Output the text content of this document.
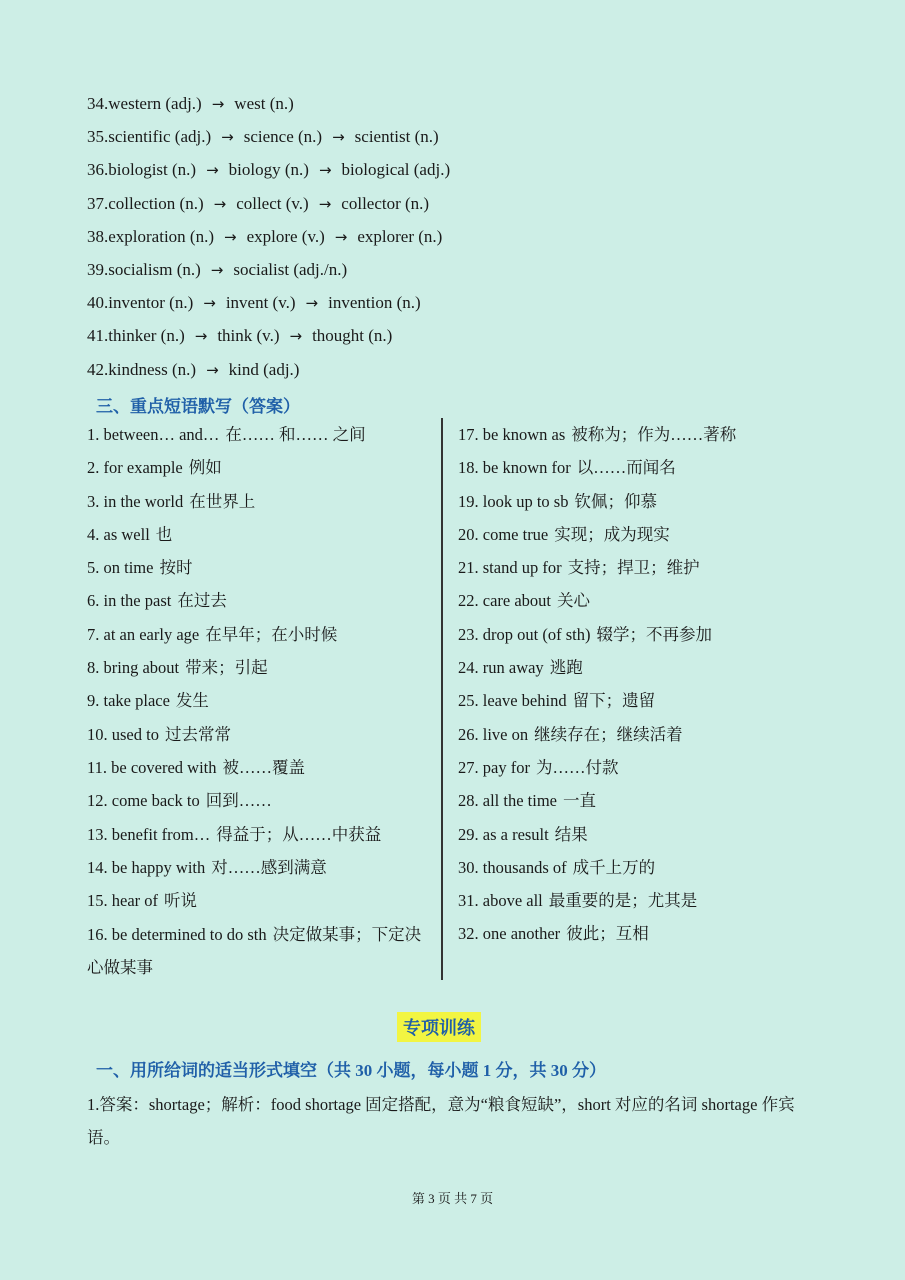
34.western (adj.) → west (n.)
35.scientific (adj.) → science (n.) → scientist (n.)
36.biologist (n.) → biology (n.) → biological (adj.)
37.collection (n.) → collect (v.) → collector (n.)
38.exploration (n.) → explore (v.) → explorer (n.)
39.socialism (n.) → socialist (adj./n.)
40.inventor (n.) → invent (v.) → invention (n.)
41.thinker (n.) → think (v.) → thought (n.)
42.kindness (n.) → kind (adj.)
三、重点短语默写（答案）
1. between… and… 在…… 和…… 之间
2. for example 例如
3. in the world 在世界上
4. as well 也
5. on time 按时
6. in the past 在过去
7. at an early age 在早年；在小时候
8. bring about 带来；引起
9. take place 发生
10. used to 过去常常
11. be covered with 被……覆盖
12. come back to 回到……
13. benefit from… 得益于；从……中获益
14. be happy with 对……感到满意
15. hear of 听说
16. be determined to do sth 决定做某事；下定决心做某事
17. be known as 被称为；作为……著称
18. be known for 以……而闻名
19. look up to sb 钦佩；仰慕
20. come true 实现；成为现实
21. stand up for 支持；捍卫；维护
22. care about 关心
23. drop out (of sth) 辍学；不再参加
24. run away 逃跑
25. leave behind 留下；遗留
26. live on 继续存在；继续活着
27. pay for 为……付款
28. all the time 一直
29. as a result 结果
30. thousands of 成千上万的
31. above all 最重要的是；尤其是
32. one another 彼此；互相
专项训练
一、用所给词的适当形式填空（共 30 小题，每小题 1 分，共 30 分）
1.答案：shortage；解析：food shortage 固定搭配，意为“粮食短缺”，short 对应的名词 shortage 作宾语。
第 3 页 共 7 页
